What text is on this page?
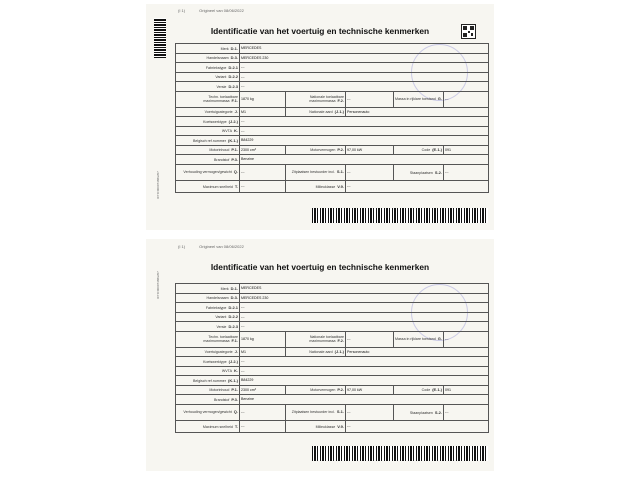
(I 1)	Origineel van 08/06/2022
Identificatie van het voertuig en technische kenmerken
ICT/C00007488/2/07
Merk D.1.	MERCEDES				
Handelsnaam D.3.	MERCEDES 230				
Fabriekstype D.2.1	---				
Variant D.2.2	---				
Versie D.2.3	---				
Techn. toelaatbare maximummassa F.1.	1870 kg	Nationale toelaatbare maximummassa F.2.	---	Massa in rijklare toestand G.	---
Voertuigcategorie J.	M1	Nationale aard (J.1.)	Personenauto		
Koetswerktype (J.2.)	---				
WVTA K.	---				
Belgisch ref.nummer (K.1.)	B84229				
Motorinhoud P.1.	2300 cm³	Motorvermogen P.2.	97,00 kW	Code (E.1.)	091
Brandstof P.3.	Benzine				
Verhouding vermogen/gewicht Q.	---	Zitplaatsen bestuurder incl. S.1.	---	Staanplaatsen S.2.	---
Maximum snelheid T.	---	Milieuklasse V.9.	---		
(I 1)	Origineel van 08/06/2022
Identificatie van het voertuig en technische kenmerken
ICT/C00007488/2/07	Merk D.1.	MERCEDES				
Handelsnaam D.3.	MERCEDES 230				
Fabriekstype D.2.1	---				
Variant D.2.2	---				
Versie D.2.3	---				
Techn. toelaatbare maximummassa F.1.	1870 kg	Nationale toelaatbare maximummassa F.2.	---	Massa in rijklare toestand G.	---
Voertuigcategorie J.	M1	Nationale aard (J.1.)	Personenauto		
Koetswerktype (J.2.)	---				
WVTA K.	---				
Belgisch ref.nummer (K.1.)	B84229				
Motorinhoud P.1.	2300 cm³	Motorvermogen P.2.	97,00 kW	Code (E.1.)	091
Brandstof P.3.	Benzine				
Verhouding vermogen/gewicht Q.	---	Zitplaatsen bestuurder incl. S.1.	---	Staanplaatsen S.2.	---
Maximum snelheid T.	---	Milieuklasse V.9.	---		
